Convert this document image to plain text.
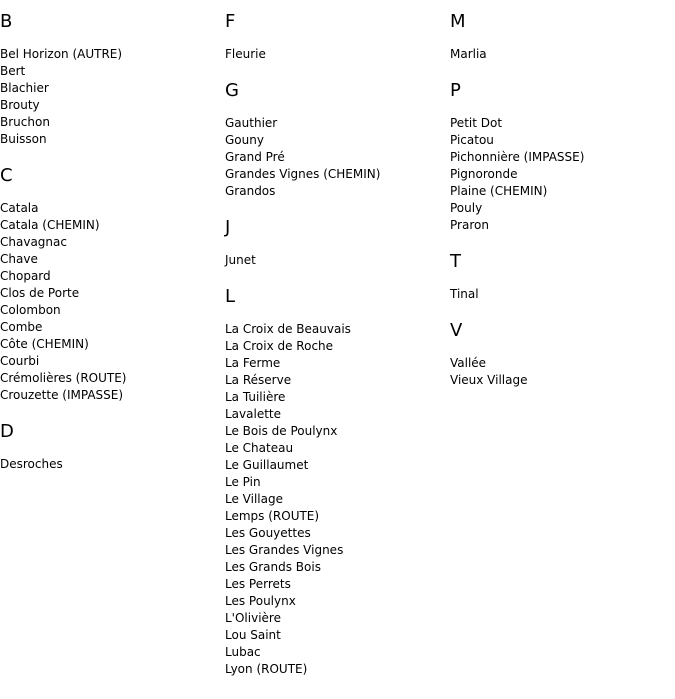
B
Bel Horizon (AUTRE)
Bert
Blachier
Brouty
Bruchon
Buisson
C
Catala
Catala (CHEMIN)
Chavagnac
Chave
Chopard
Clos de Porte
Colombon
Combe
Côte (CHEMIN)
Courbi
Crémolières (ROUTE)
Crouzette (IMPASSE)
D
Desroches
F
Fleurie
G
Gauthier
Gouny
Grand Pré
Grandes Vignes (CHEMIN)
Grandos
J
Junet
L
La Croix de Beauvais
La Croix de Roche
La Ferme
La Réserve
La Tuilière
Lavalette
Le Bois de Poulynx
Le Chateau
Le Guillaumet
Le Pin
Le Village
Lemps (ROUTE)
Les Gouyettes
Les Grandes Vignes
Les Grands Bois
Les Perrets
Les Poulynx
L'Olivière
Lou Saint
Lubac
Lyon (ROUTE)
M
Marlia
P
Petit Dot
Picatou
Pichonnière (IMPASSE)
Pignoronde
Plaine (CHEMIN)
Pouly
Praron
T
Tinal
V
Vallée
Vieux Village
